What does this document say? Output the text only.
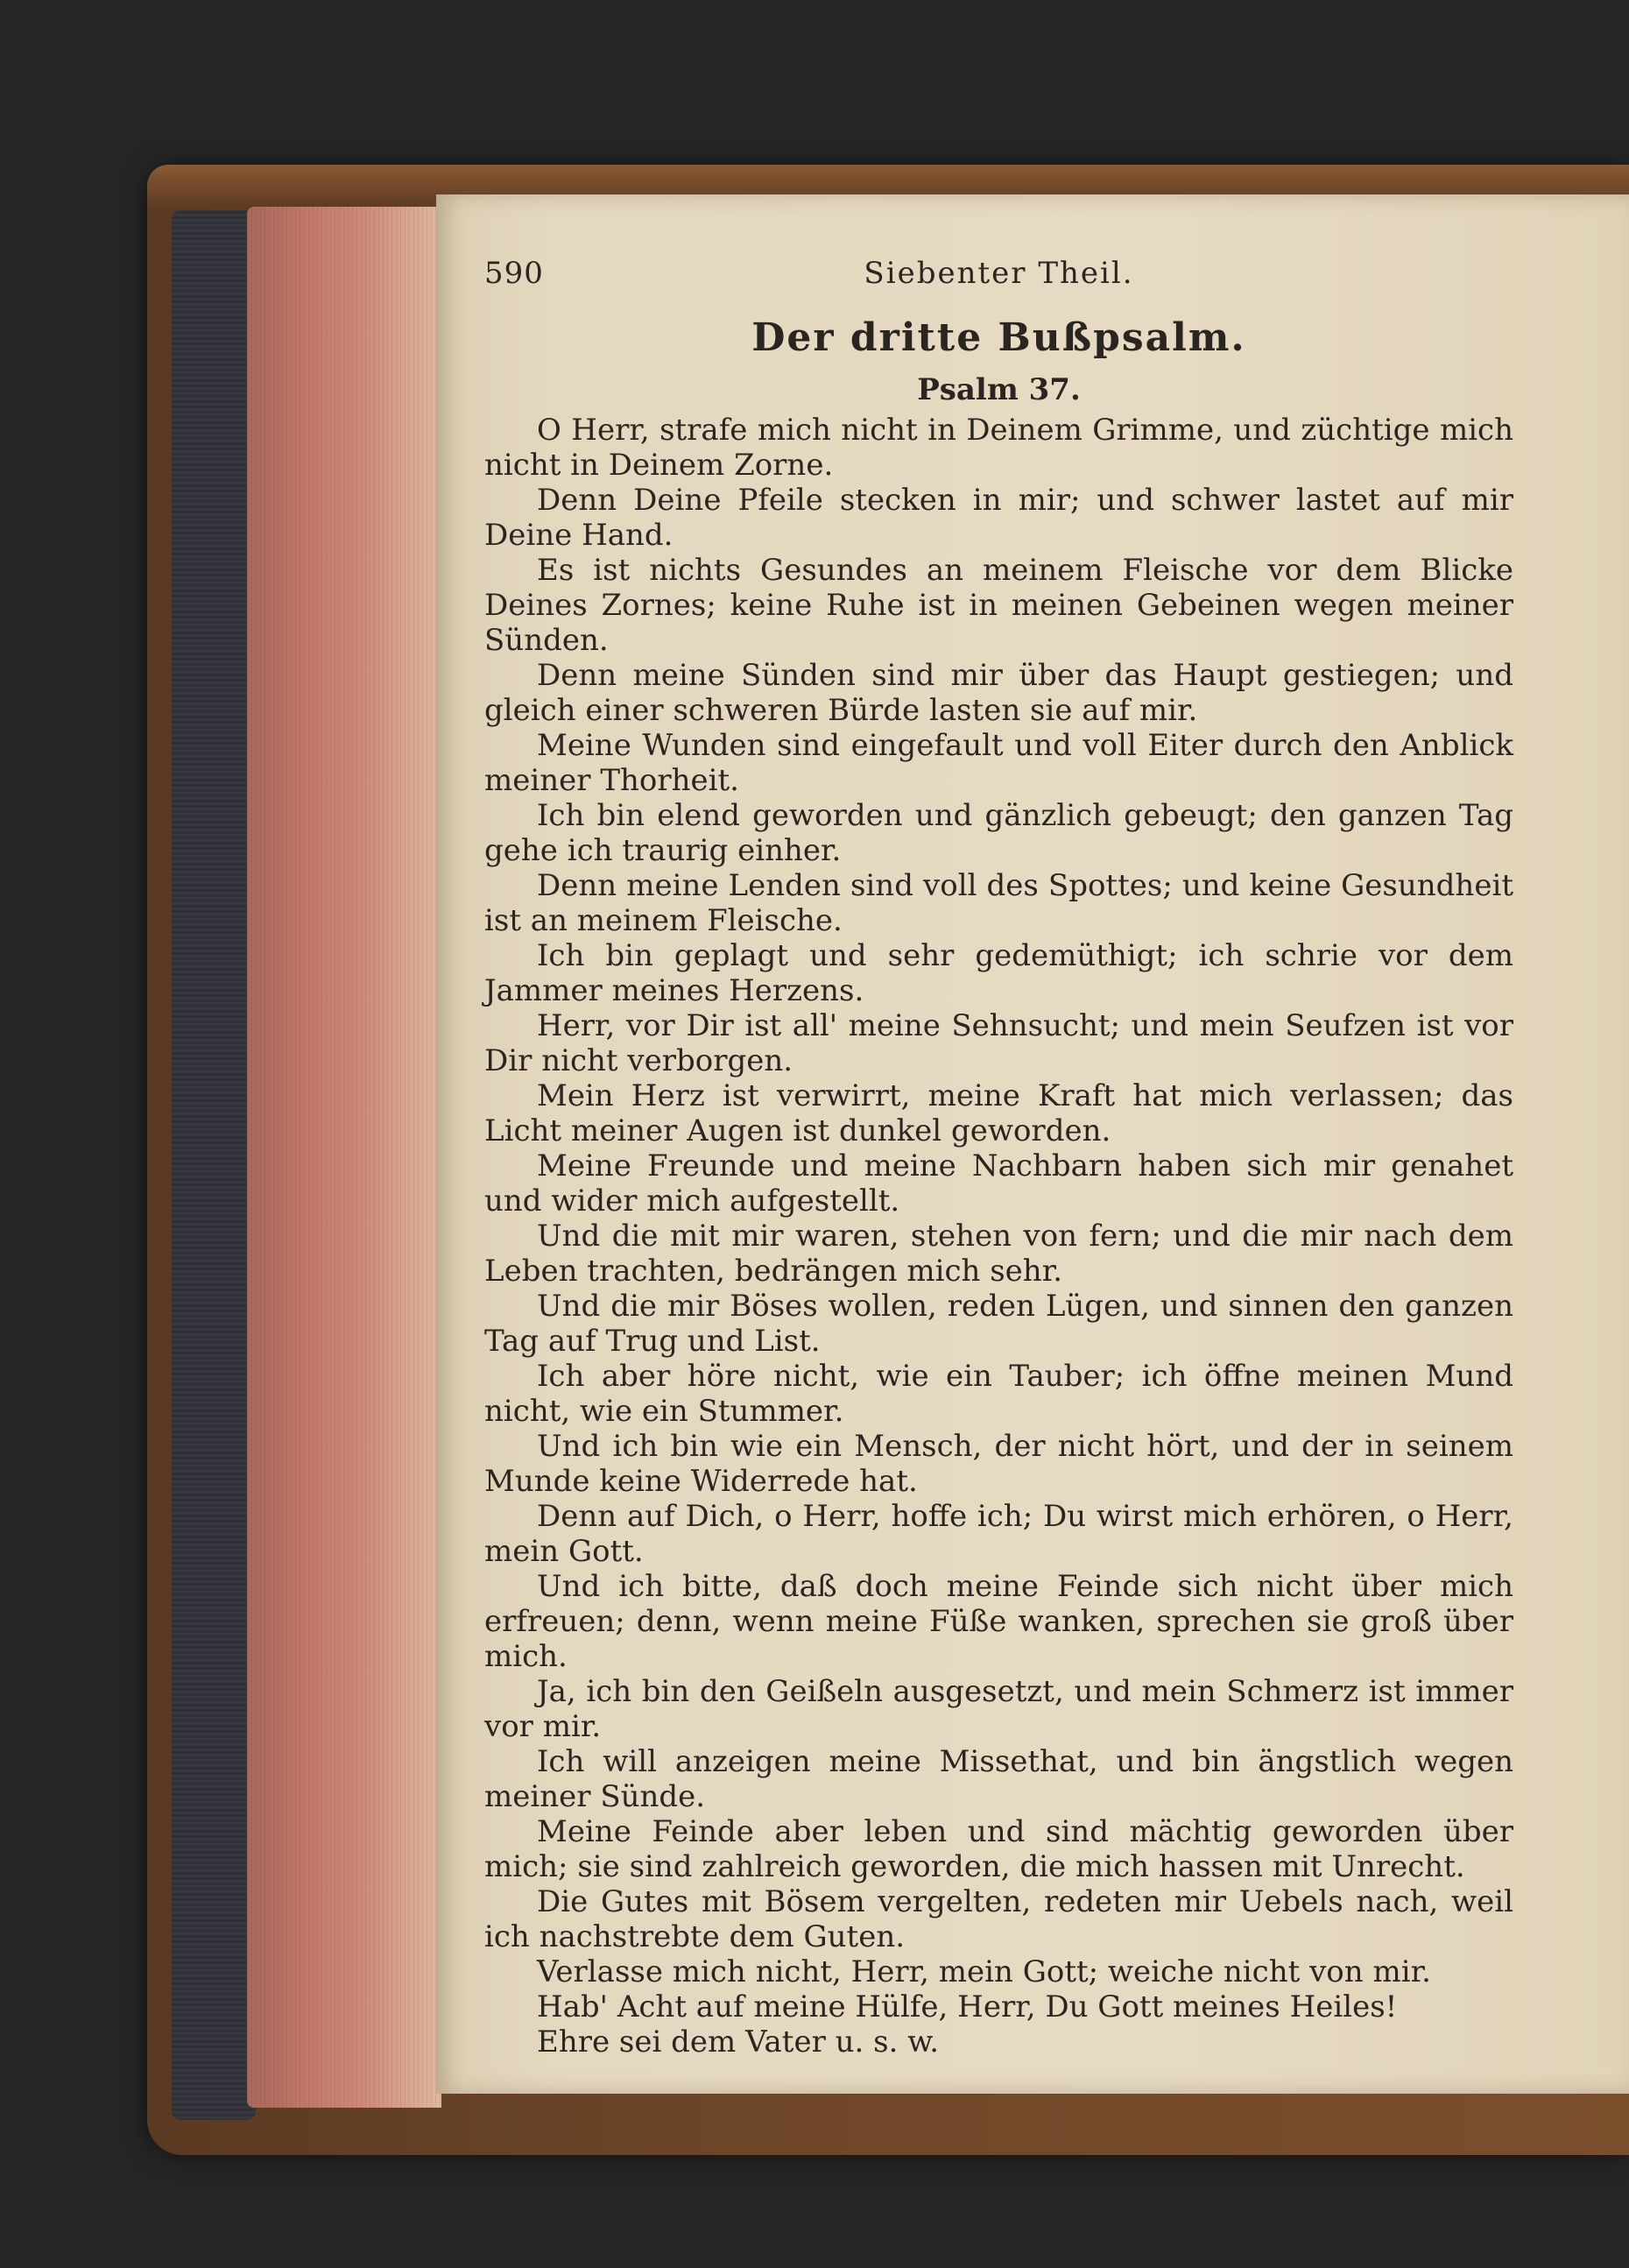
590	Siebenter Theil.
Der dritte Bußpsalm.
Psalm 37.

O Herr, strafe mich nicht in Deinem Grimme, und züchtige mich nicht in Deinem Zorne.

Denn Deine Pfeile stecken in mir; und schwer lastet auf mir Deine Hand.

Es ist nichts Gesundes an meinem Fleische vor dem Blicke Deines Zornes; keine Ruhe ist in meinen Gebeinen wegen meiner Sünden.

Denn meine Sünden sind mir über das Haupt gestiegen; und gleich einer schweren Bürde lasten sie auf mir.

Meine Wunden sind eingefault und voll Eiter durch den Anblick meiner Thorheit.

Ich bin elend geworden und gänzlich gebeugt; den ganzen Tag gehe ich traurig einher.

Denn meine Lenden sind voll des Spottes; und keine Gesundheit ist an meinem Fleische.

Ich bin geplagt und sehr gedemüthigt; ich schrie vor dem Jammer meines Herzens.

Herr, vor Dir ist all' meine Sehnsucht; und mein Seufzen ist vor Dir nicht verborgen.

Mein Herz ist verwirrt, meine Kraft hat mich verlassen; das Licht meiner Augen ist dunkel geworden.

Meine Freunde und meine Nachbarn haben sich mir genahet und wider mich aufgestellt.

Und die mit mir waren, stehen von fern; und die mir nach dem Leben trachten, bedrängen mich sehr.

Und die mir Böses wollen, reden Lügen, und sinnen den ganzen Tag auf Trug und List.

Ich aber höre nicht, wie ein Tauber; ich öffne meinen Mund nicht, wie ein Stummer.

Und ich bin wie ein Mensch, der nicht hört, und der in seinem Munde keine Widerrede hat.

Denn auf Dich, o Herr, hoffe ich; Du wirst mich erhören, o Herr, mein Gott.

Und ich bitte, daß doch meine Feinde sich nicht über mich erfreuen; denn, wenn meine Füße wanken, sprechen sie groß über mich.

Ja, ich bin den Geißeln ausgesetzt, und mein Schmerz ist immer vor mir.

Ich will anzeigen meine Missethat, und bin ängstlich wegen meiner Sünde.

Meine Feinde aber leben und sind mächtig geworden über mich; sie sind zahlreich geworden, die mich hassen mit Unrecht.

Die Gutes mit Bösem vergelten, redeten mir Uebels nach, weil ich nachstrebte dem Guten.

Verlasse mich nicht, Herr, mein Gott; weiche nicht von mir.

Hab' Acht auf meine Hülfe, Herr, Du Gott meines Heiles!

Ehre sei dem Vater u. s. w.
